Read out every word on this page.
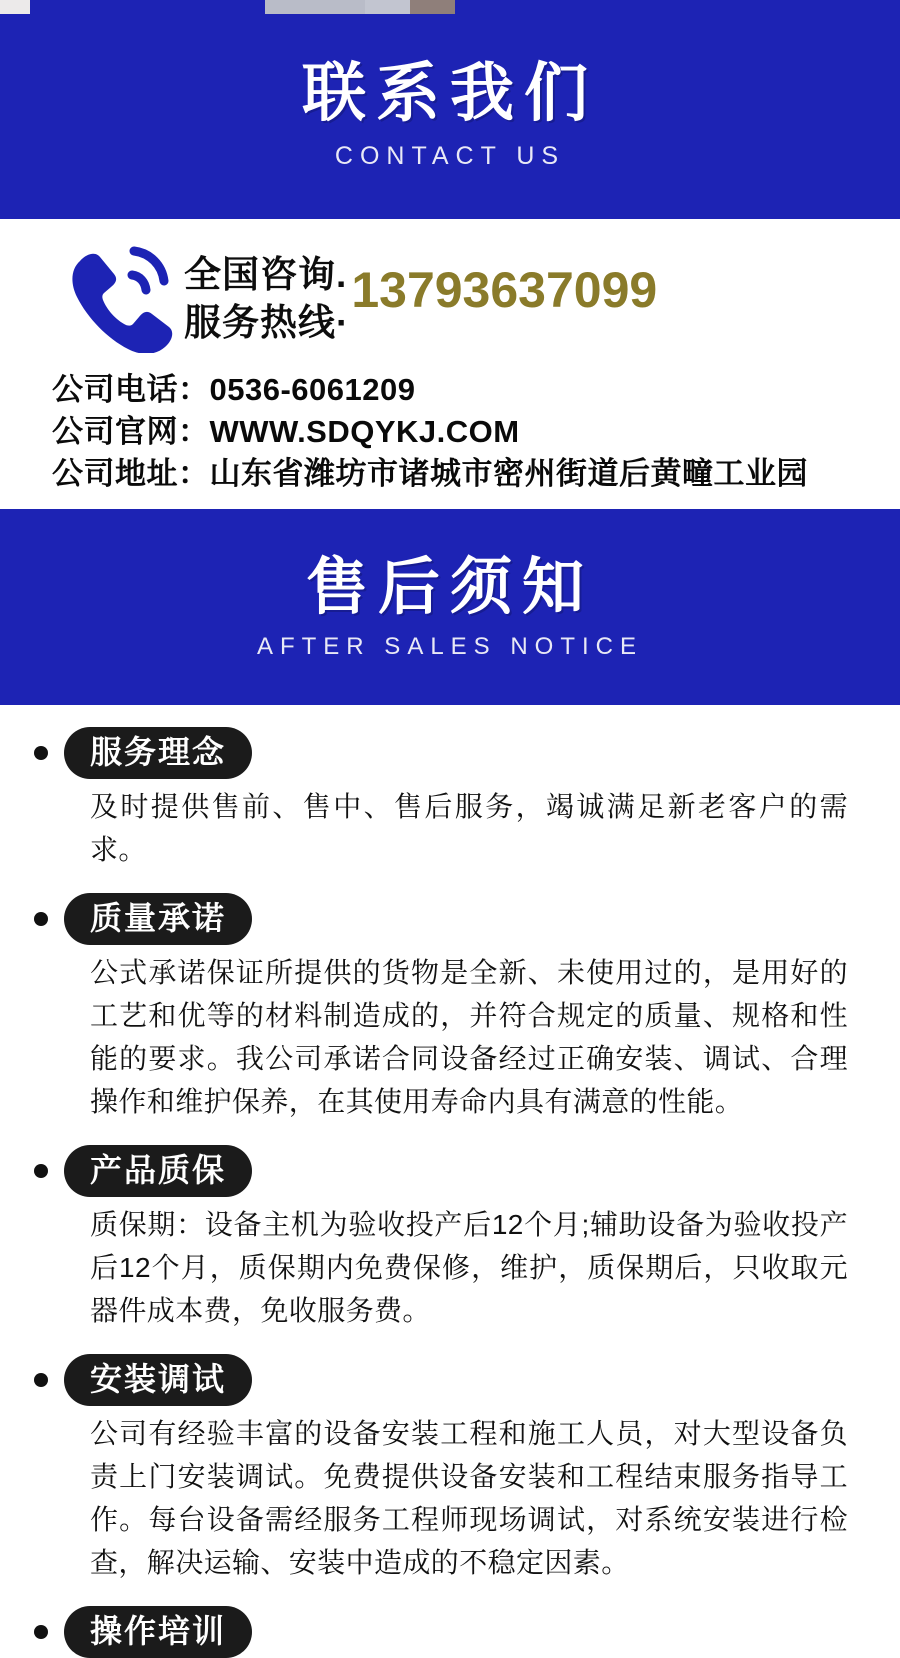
联系我们
CONTACT US
全国咨询.
服务热线·
13793637099
公司电话：0536-6061209
公司官网：WWW.SDQYKJ.COM
公司地址：山东省潍坊市诸城市密州街道后黄疃工业园
售后须知
AFTER SALES NOTICE
服务理念
及时提供售前、售中、售后服务，竭诚满足新老客户的需求。
质量承诺
公式承诺保证所提供的货物是全新、未使用过的，是用好的工艺和优等的材料制造成的，并符合规定的质量、规格和性能的要求。我公司承诺合同设备经过正确安装、调试、合理操作和维护保养，在其使用寿命内具有满意的性能。
产品质保
质保期：设备主机为验收投产后12个月;辅助设备为验收投产后12个月，质保期内免费保修，维护，质保期后，只收取元器件成本费，免收服务费。
安装调试
公司有经验丰富的设备安装工程和施工人员，对大型设备负责上门安装调试。免费提供设备安装和工程结束服务指导工作。每台设备需经服务工程师现场调试，对系统安装进行检查，解决运输、安装中造成的不稳定因素。
操作培训
